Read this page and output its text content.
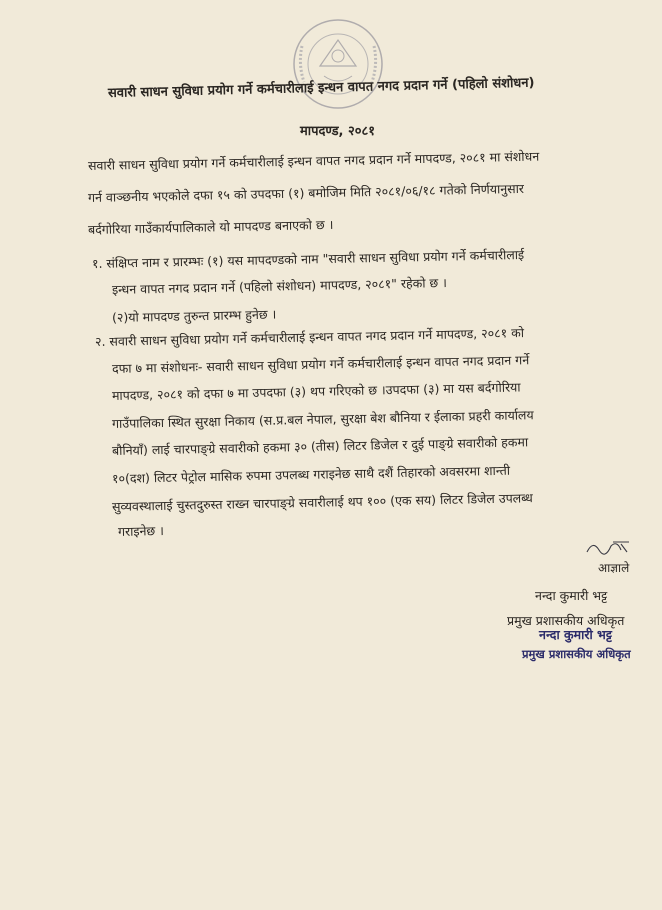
सवारी साधन सुविधा प्रयोग गर्ने कर्मचारीलाई इन्धन वापत नगद प्रदान गर्ने (पहिलो संशोधन)
मापदण्ड, २०८१
सवारी साधन सुविधा प्रयोग गर्ने कर्मचारीलाई इन्धन वापत नगद प्रदान गर्ने मापदण्ड, २०८१ मा संशोधन
गर्न वाञ्छनीय भएकोले दफा १५ को उपदफा (१) बमोजिम मिति २०८१/०६/१८ गतेको निर्णयानुसार
बर्दगोरिया गाउँकार्यपालिकाले यो मापदण्ड बनाएको छ ।
१. संक्षिप्त नाम र प्रारम्भः (१) यस मापदण्डको नाम "सवारी साधन सुविधा प्रयोग गर्ने कर्मचारीलाई
इन्धन वापत नगद प्रदान गर्ने (पहिलो संशोधन) मापदण्ड, २०८१" रहेको छ ।
(२)यो मापदण्ड तुरुन्त प्रारम्भ हुनेछ ।
२. सवारी साधन सुविधा प्रयोग गर्ने कर्मचारीलाई इन्धन वापत नगद प्रदान गर्ने मापदण्ड, २०८१ को
दफा ७ मा संशोधनः- सवारी साधन सुविधा प्रयोग गर्ने कर्मचारीलाई इन्धन वापत नगद प्रदान गर्ने
मापदण्ड, २०८१ को दफा ७ मा उपदफा (३) थप गरिएको छ ।उपदफा (३) मा यस बर्दगोरिया
गाउँपालिका स्थित सुरक्षा निकाय (स.प्र.बल नेपाल, सुरक्षा बेश बौनिया र ईलाका प्रहरी कार्यालय
बौनियाँ) लाई चारपाङ्ग्रे सवारीको हकमा ३० (तीस) लिटर डिजेल र दुई पाङ्ग्रे सवारीको हकमा
१०(दश) लिटर पेट्रोल मासिक रुपमा उपलब्ध गराइनेछ साथै दशैं तिहारको अवसरमा शान्ती
सुव्यवस्थालाई चुस्तदुरुस्त राख्न चारपाङ्ग्रे सवारीलाई थप १०० (एक सय) लिटर डिजेल उपलब्ध
गराइनेछ ।
आज्ञाले
नन्दा कुमारी भट्ट
प्रमुख प्रशासकीय अधिकृत
नन्दा कुमारी भट्ट
प्रमुख प्रशासकीय अधिकृत
